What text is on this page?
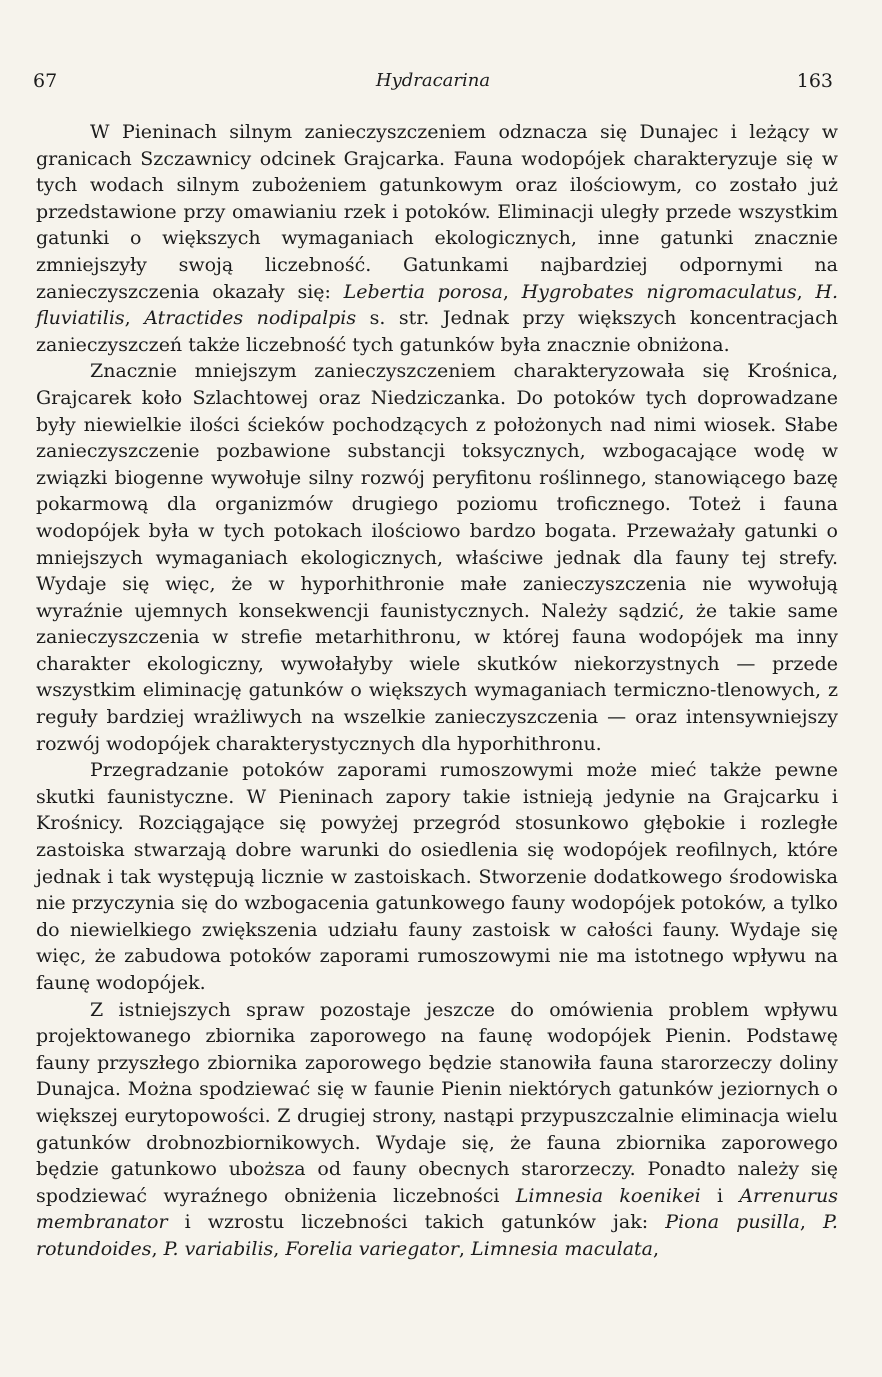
67	Hydracarina	163

W Pieninach silnym zanieczyszczeniem odznacza się Dunajec i leżący w granicach Szczawnicy odcinek Grajcarka. Fauna wodopójek charakteryzuje się w tych wodach silnym zubożeniem gatunkowym oraz ilościowym, co zostało już przedstawione przy omawianiu rzek i potoków. Eliminacji uległy przede wszystkim gatunki o większych wymaganiach ekologicznych, inne gatunki znacznie zmniejszyły swoją liczebność. Gatunkami najbardziej odpornymi na zanieczyszczenia okazały się: Lebertia porosa, Hygrobates nigromaculatus, H. fluviatilis, Atractides nodipalpis s. str. Jednak przy większych koncentracjach zanieczyszczeń także liczebność tych gatunków była znacznie obniżona.

Znacznie mniejszym zanieczyszczeniem charakteryzowała się Krośnica, Grajcarek koło Szlachtowej oraz Niedziczanka. Do potoków tych doprowadzane były niewielkie ilości ścieków pochodzących z położonych nad nimi wiosek. Słabe zanieczyszczenie pozbawione substancji toksycznych, wzbogacające wodę w związki biogenne wywołuje silny rozwój peryfitonu roślinnego, stanowiącego bazę pokarmową dla organizmów drugiego poziomu troficznego. Toteż i fauna wodopójek była w tych potokach ilościowo bardzo bogata. Przeważały gatunki o mniejszych wymaganiach ekologicznych, właściwe jednak dla fauny tej strefy. Wydaje się więc, że w hyporhithronie małe zanieczyszczenia nie wywołują wyraźnie ujemnych konsekwencji faunistycznych. Należy sądzić, że takie same zanieczyszczenia w strefie metarhithronu, w której fauna wodopójek ma inny charakter ekologiczny, wywołałyby wiele skutków niekorzystnych — przede wszystkim eliminację gatunków o większych wymaganiach termiczno-tlenowych, z reguły bardziej wrażliwych na wszelkie zanieczyszczenia — oraz intensywniejszy rozwój wodopójek charakterystycznych dla hyporhithronu.

Przegradzanie potoków zaporami rumoszowymi może mieć także pewne skutki faunistyczne. W Pieninach zapory takie istnieją jedynie na Grajcarku i Krośnicy. Rozciągające się powyżej przegród stosunkowo głębokie i rozległe zastoiska stwarzają dobre warunki do osiedlenia się wodopójek reofilnych, które jednak i tak występują licznie w zastoiskach. Stworzenie dodatkowego środowiska nie przyczynia się do wzbogacenia gatunkowego fauny wodopójek potoków, a tylko do niewielkiego zwiększenia udziału fauny zastoisk w całości fauny. Wydaje się więc, że zabudowa potoków zaporami rumoszowymi nie ma istotnego wpływu na faunę wodopójek.

Z istniejszych spraw pozostaje jeszcze do omówienia problem wpływu projektowanego zbiornika zaporowego na faunę wodopójek Pienin. Podstawę fauny przyszłego zbiornika zaporowego będzie stanowiła fauna starorzeczy doliny Dunajca. Można spodziewać się w faunie Pienin niektórych gatunków jeziornych o większej eurytopowości. Z drugiej strony, nastąpi przypuszczalnie eliminacja wielu gatunków drobnozbiornikowych. Wydaje się, że fauna zbiornika zaporowego będzie gatunkowo uboższa od fauny obecnych starorzeczy. Ponadto należy się spodziewać wyraźnego obniżenia liczebności Limnesia koenikei i Arrenurus membranator i wzrostu liczebności takich gatunków jak: Piona pusilla, P. rotundoides, P. variabilis, Forelia variegator, Limnesia maculata,
